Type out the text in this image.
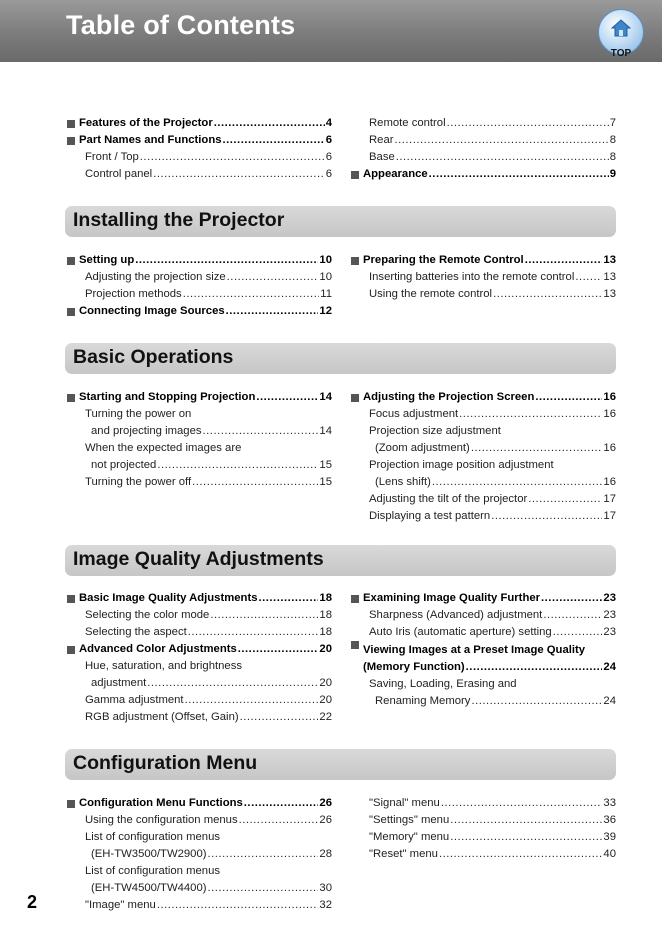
Table of Contents
TOP
Features of the Projector .....	4
Part Names and Functions .....	6
Front / Top .....	6
Control panel .....	6
Remote control .....	7
Rear .....	8
Base .....	8
Appearance .....	9
Installing the Projector
Setting up .....	10
Adjusting the projection size .....	10
Projection methods .....	11
Connecting Image Sources .....	12
Preparing the Remote Control .....	13
Inserting batteries into the remote control .....	13
Using the remote control .....	13
Basic Operations
Starting and Stopping Projection .....	14
Turning the power on
and projecting images .....	14
When the expected images are
not projected .....	15
Turning the power off .....	15
Adjusting the Projection Screen .....	16
Focus adjustment .....	16
Projection size adjustment
(Zoom adjustment) .....	16
Projection image position adjustment
(Lens shift) .....	16
Adjusting the tilt of the projector .....	17
Displaying a test pattern .....	17
Image Quality Adjustments
Basic Image Quality Adjustments .....	18
Selecting the color mode .....	18
Selecting the aspect .....	18
Advanced Color Adjustments .....	20
Hue, saturation, and brightness
adjustment .....	20
Gamma adjustment .....	20
RGB adjustment (Offset, Gain) .....	22
Examining Image Quality Further .....	23
Sharpness (Advanced) adjustment .....	23
Auto Iris (automatic aperture) setting .....	23
Viewing Images at a Preset Image Quality
(Memory Function) .....	24
Saving, Loading, Erasing and
Renaming Memory .....	24
Configuration Menu
Configuration Menu Functions .....	26
Using the configuration menus .....	26
List of configuration menus
(EH-TW3500/TW2900) .....	28
List of configuration menus
(EH-TW4500/TW4400) .....	30
"Image" menu .....	32
"Signal" menu .....	33
"Settings" menu .....	36
"Memory" menu .....	39
"Reset" menu .....	40
2
